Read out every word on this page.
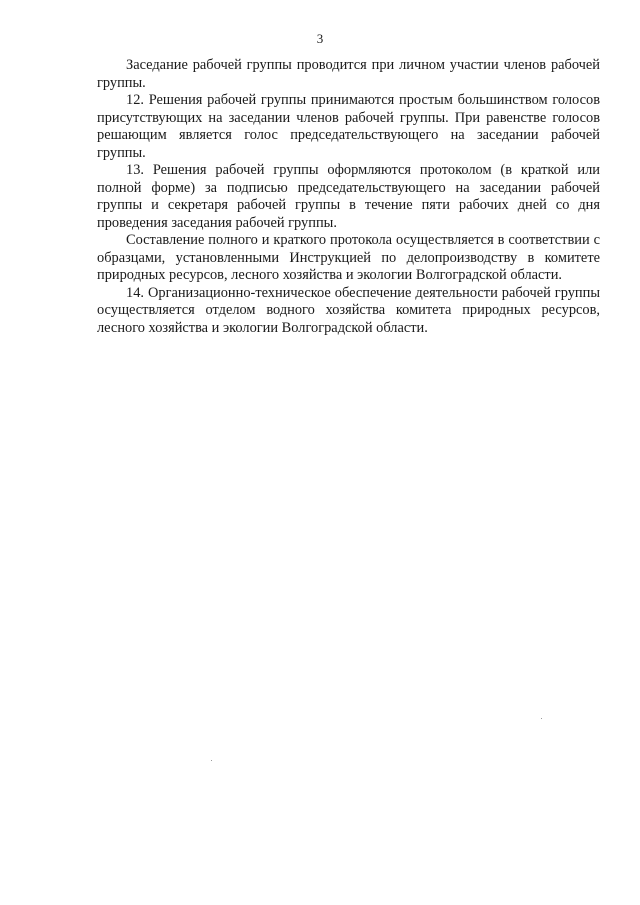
3

Заседание рабочей группы проводится при личном участии членов рабочей группы.

12. Решения рабочей группы принимаются простым большинством голосов присутствующих на заседании членов рабочей группы. При равенстве голосов решающим является голос председательствующего на заседании рабочей группы.

13. Решения рабочей группы оформляются протоколом (в краткой или полной форме) за подписью председательствующего на заседании рабочей группы и секретаря рабочей группы в течение пяти рабочих дней со дня проведения заседания рабочей группы.

Составление полного и краткого протокола осуществляется в соответствии с образцами, установленными Инструкцией по делопроизводству в комитете природных ресурсов, лесного хозяйства и экологии Волгоградской области.

14. Организационно-техническое обеспечение деятельности рабочей группы осуществляется отделом водного хозяйства комитета природных ресурсов, лесного хозяйства и экологии Волгоградской области.
